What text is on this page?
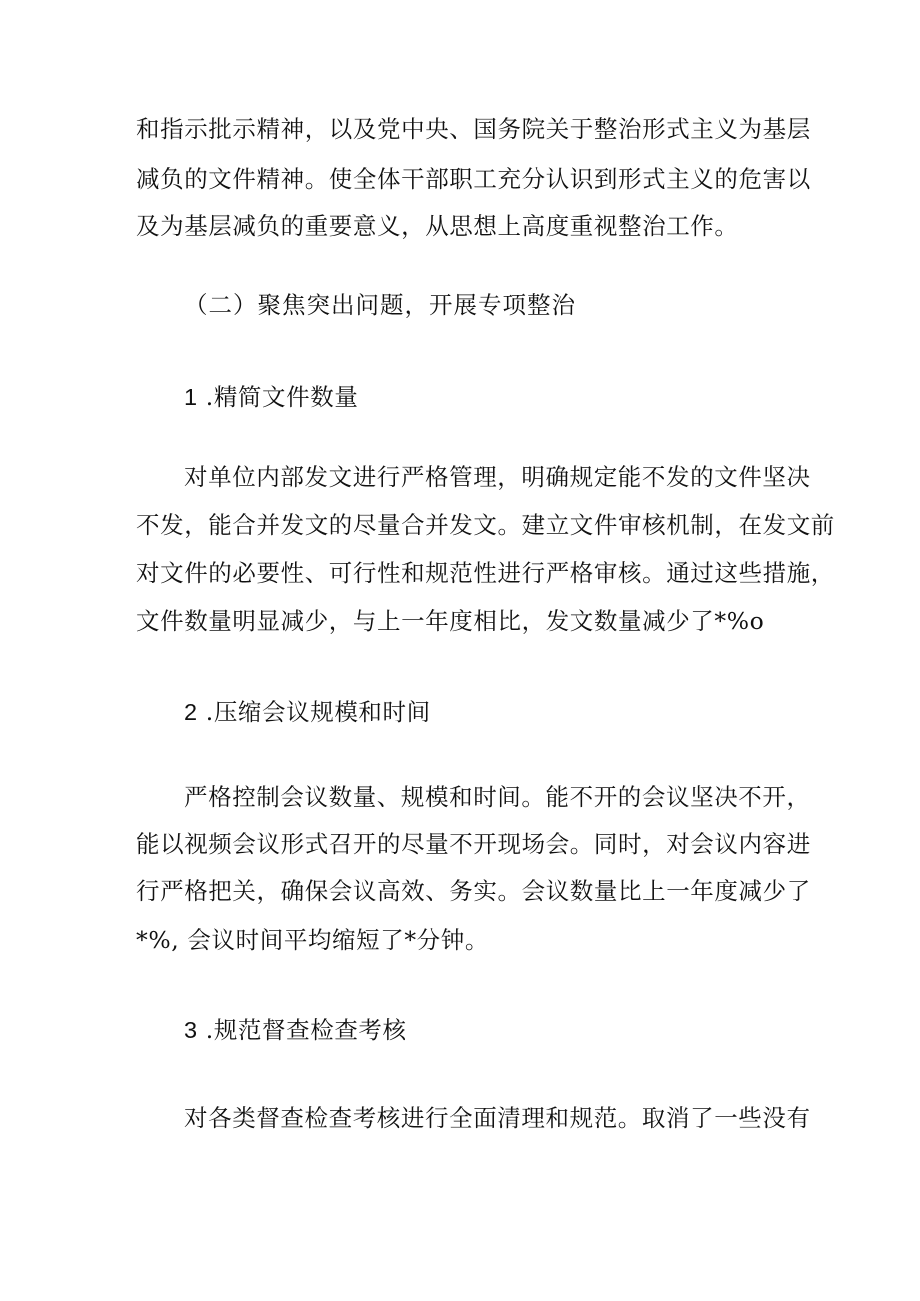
和指示批示精神，以及党中央、国务院关于整治形式主义为基层
减负的文件精神。使全体干部职工充分认识到形式主义的危害以
及为基层减负的重要意义，从思想上高度重视整治工作。
（二）聚焦突出问题，开展专项整治
1 .精简文件数量
对单位内部发文进行严格管理，明确规定能不发的文件坚决
不发，能合并发文的尽量合并发文。建立文件审核机制，在发文前
对文件的必要性、可行性和规范性进行严格审核。通过这些措施，
文件数量明显减少，与上一年度相比，发文数量减少了*%o
2 .压缩会议规模和时间
严格控制会议数量、规模和时间。能不开的会议坚决不开，
能以视频会议形式召开的尽量不开现场会。同时，对会议内容进
行严格把关，确保会议高效、务实。会议数量比上一年度减少了
*%, 会议时间平均缩短了*分钟。
3 .规范督查检查考核
对各类督查检查考核进行全面清理和规范。取消了一些没有
